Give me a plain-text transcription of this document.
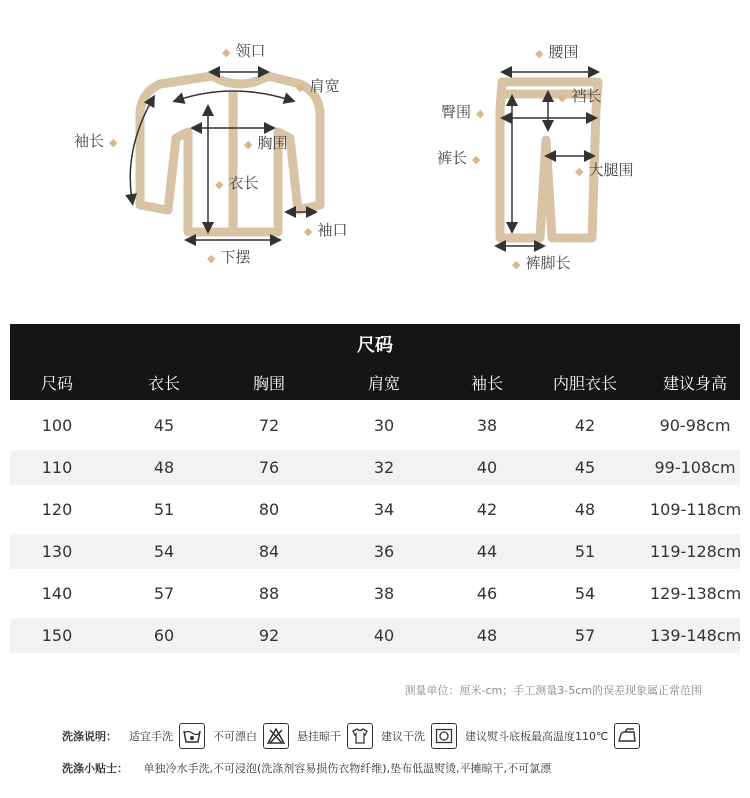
◆ 领口
◆ 肩宽
袖长 ◆	◆ 胸围
◆ 衣长
◆ 袖口
◆ 下摆
◆ 腰围
◆ 裆长
臀围 ◆
裤长 ◆
◆ 大腿围
◆ 裤脚长
尺码
尺码	衣长	胸围	肩宽	袖长	内胆衣长	建议身高
100	45	72	30	38	42	90-98cm
110	48	76	32	40	45	99-108cm
120	51	80	34	42	48	109-118cm
130	54	84	36	44	51	119-128cm
140	57	88	38	46	54	129-138cm
150	60	92	40	48	57	139-148cm
测量单位：厘米-cm；手工测量3-5cm的误差现象属正常范围
洗涤说明： 适宜手洗	不可漂白	悬挂晾干	建议干洗	建议熨斗底板最高温度110℃
洗涤小贴士： 单独冷水手洗,不可浸泡(洗涤剂容易损伤衣物纤维),垫布低温熨烫,平摊晾干,不可氯漂
